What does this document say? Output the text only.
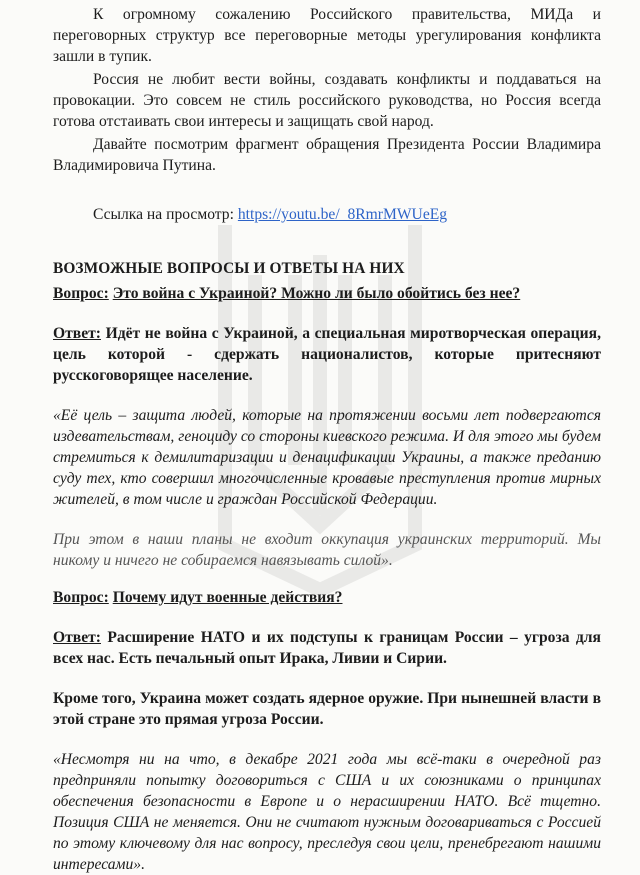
К огромному сожалению Российского правительства, МИДа и переговорных структур все переговорные методы урегулирования конфликта зашли в тупик.

Россия не любит вести войны, создавать конфликты и поддаваться на провокации. Это совсем не стиль российского руководства, но Россия всегда готова отстаивать свои интересы и защищать свой народ.

Давайте посмотрим фрагмент обращения Президента России Владимира Владимировича Путина.

Ссылка на просмотр: https://youtu.be/_8RmrMWUeEg

ВОЗМОЖНЫЕ ВОПРОСЫ И ОТВЕТЫ НА НИХ

Вопрос: Это война с Украиной? Можно ли было обойтись без нее?

Ответ: Идёт не война с Украиной, а специальная миротворческая операция, цель которой - сдержать националистов, которые притесняют русскоговорящее население.

«Её цель – защита людей, которые на протяжении восьми лет подвергаются издевательствам, геноциду со стороны киевского режима. И для этого мы будем стремиться к демилитаризации и денацификации Украины, а также преданию суду тех, кто совершил многочисленные кровавые преступления против мирных жителей, в том числе и граждан Российской Федерации.

При этом в наши планы не входит оккупация украинских территорий. Мы никому и ничего не собираемся навязывать силой».

Вопрос: Почему идут военные действия?

Ответ: Расширение НАТО и их подступы к границам России – угроза для всех нас. Есть печальный опыт Ирака, Ливии и Сирии.

Кроме того, Украина может создать ядерное оружие. При нынешней власти в этой стране это прямая угроза России.

«Несмотря ни на что, в декабре 2021 года мы всё-таки в очередной раз предприняли попытку договориться с США и их союзниками о принципах обеспечения безопасности в Европе и о нерасширении НАТО. Всё тщетно. Позиция США не меняется. Они не считают нужным договариваться с Россией по этому ключевому для нас вопросу, преследуя свои цели, пренебрегают нашими интересами».
